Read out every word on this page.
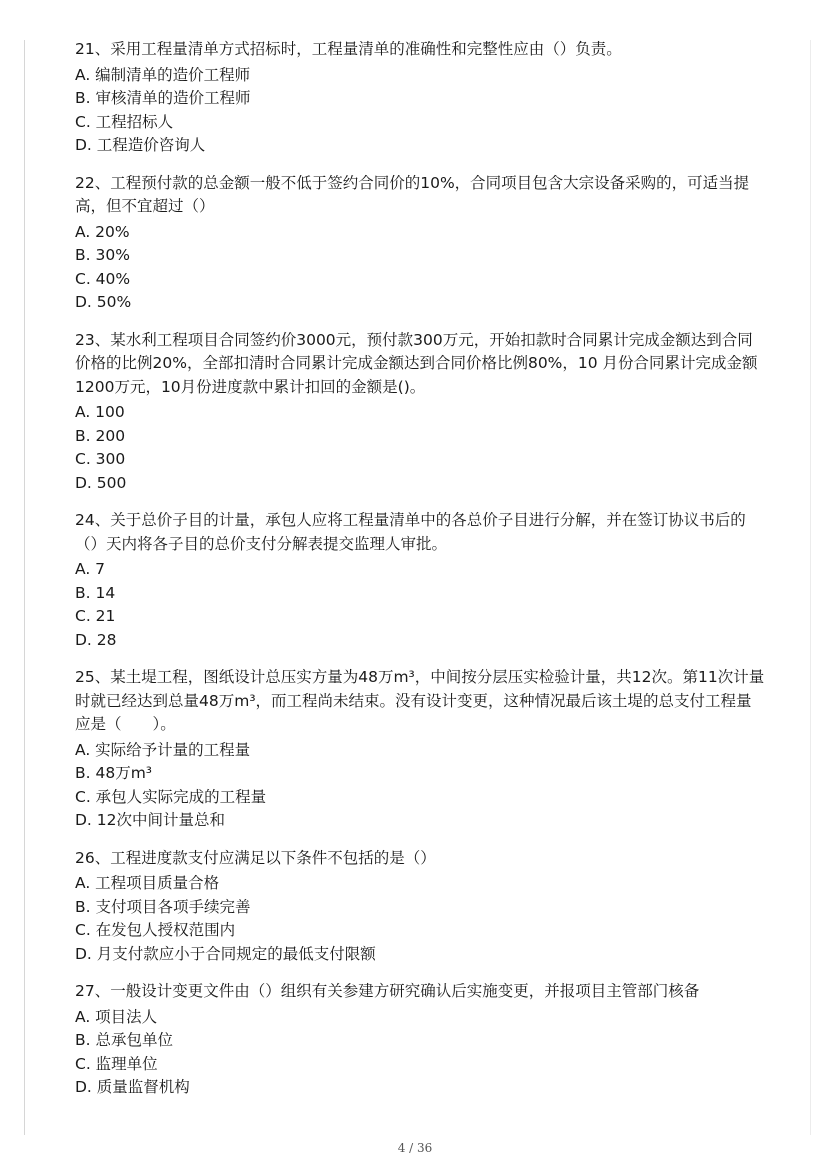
21、采用工程量清单方式招标时，工程量清单的准确性和完整性应由（）负责。

A. 编制清单的造价工程师
B. 审核清单的造价工程师
C. 工程招标人
D. 工程造价咨询人

22、工程预付款的总金额一般不低于签约合同价的10%，合同项目包含大宗设备采购的，可适当提高，但不宜超过（）

A. 20%
B. 30%
C. 40%
D. 50%

23、某水利工程项目合同签约价3000元，预付款300万元，开始扣款时合同累计完成金额达到合同价格的比例20%，全部扣清时合同累计完成金额达到合同价格比例80%，10 月份合同累计完成金额1200万元，10月份进度款中累计扣回的金额是()。

A. 100
B. 200
C. 300
D. 500

24、关于总价子目的计量，承包人应将工程量清单中的各总价子目进行分解，并在签订协议书后的（）天内将各子目的总价支付分解表提交监理人审批。

A. 7
B. 14
C. 21
D. 28

25、某土堤工程，图纸设计总压实方量为48万m³，中间按分层压实检验计量，共12次。第11次计量时就已经达到总量48万m³，而工程尚未结束。没有设计变更，这种情况最后该土堤的总支付工程量应是（　　）。

A. 实际给予计量的工程量
B. 48万m³
C. 承包人实际完成的工程量
D. 12次中间计量总和

26、工程进度款支付应满足以下条件不包括的是（）

A. 工程项目质量合格
B. 支付项目各项手续完善
C. 在发包人授权范围内
D. 月支付款应小于合同规定的最低支付限额

27、一般设计变更文件由（）组织有关参建方研究确认后实施变更，并报项目主管部门核备

A. 项目法人
B. 总承包单位
C. 监理单位
D. 质量监督机构
4 / 36
